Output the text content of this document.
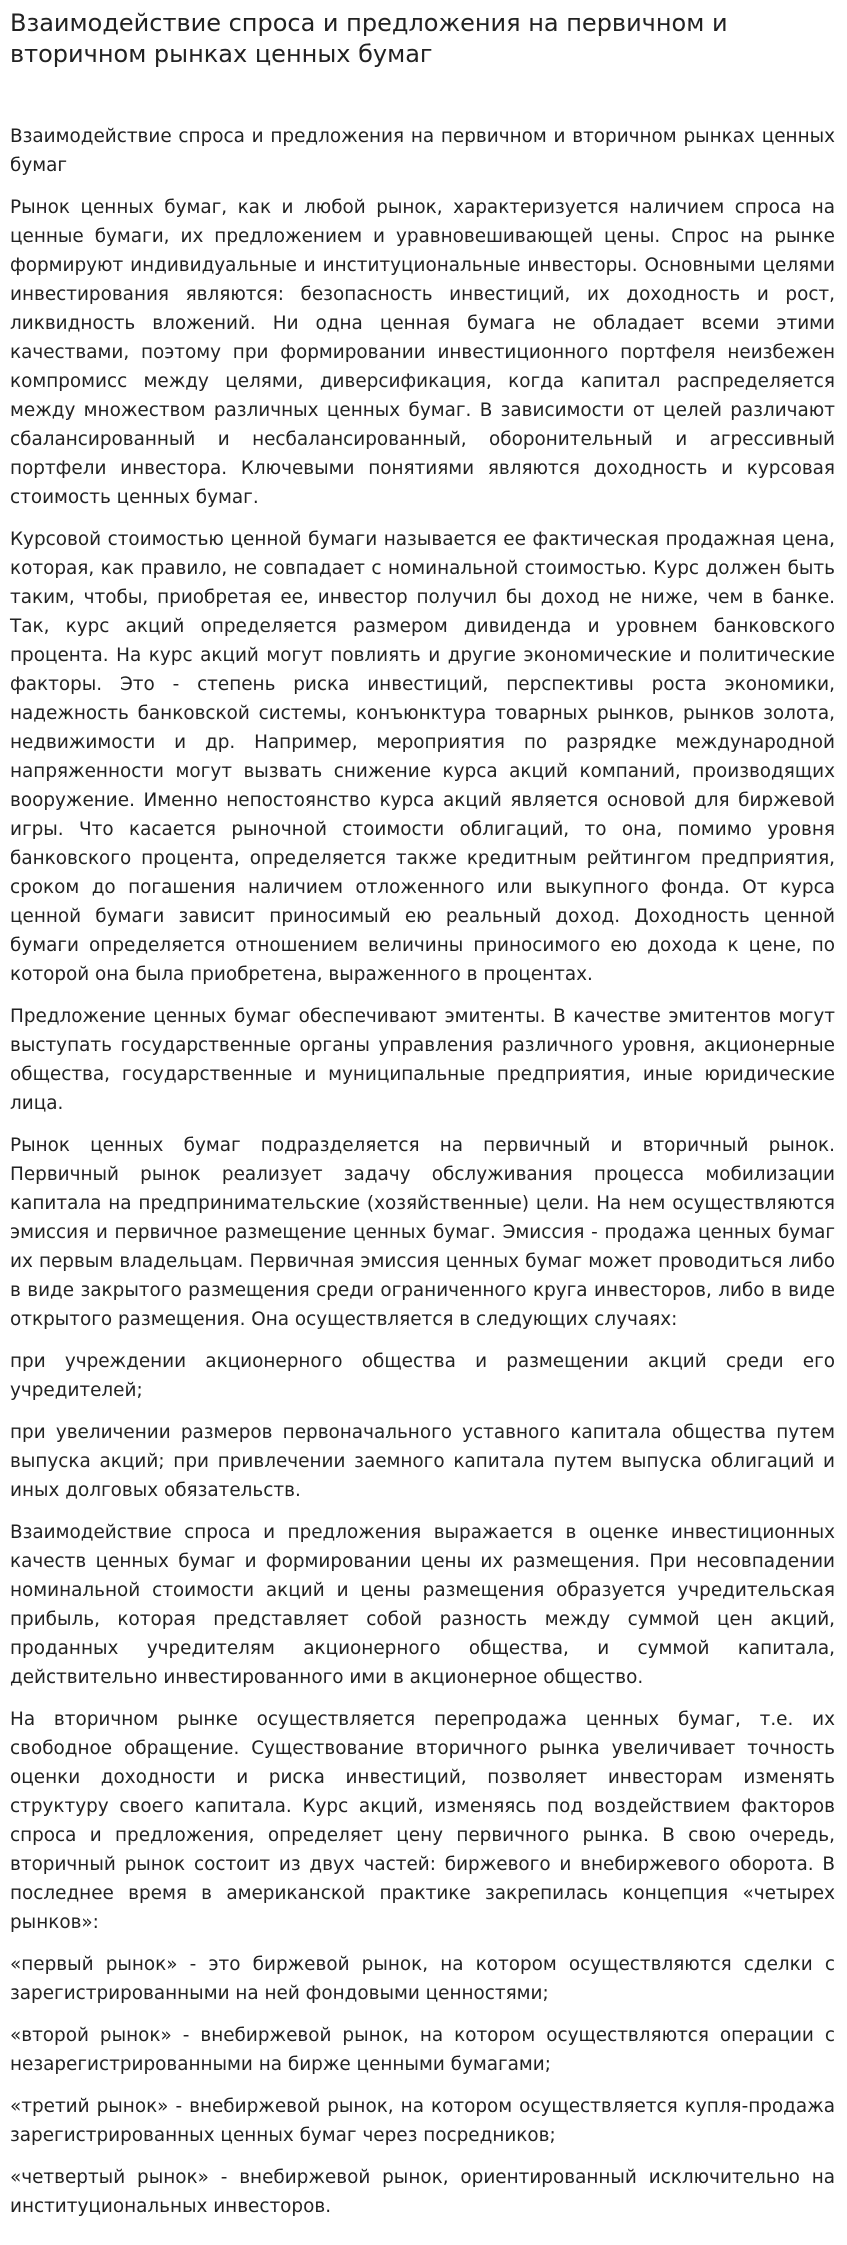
Взаимодействие спроса и предложения на первичном и вторичном рынках ценных бумаг

Взаимодействие спроса и предложения на первичном и вторичном рынках ценных бумаг

Рынок ценных бумаг, как и любой рынок, характеризуется наличием спроса на ценные бумаги, их предложением и уравновешивающей цены. Спрос на рынке формируют индивидуальные и институциональные инвесторы. Основными целями инвестирования являются: безопасность инвестиций, их доходность и рост, ликвидность вложений. Ни одна ценная бумага не обладает всеми этими качествами, поэтому при формировании инвестиционного портфеля неизбежен компромисс между целями, диверсификация, когда капитал распределяется между множеством различных ценных бумаг. В зависимости от целей различают сбалансированный и несбалансированный, оборонительный и агрессивный портфели инвестора. Ключевыми понятиями являются доходность и курсовая стоимость ценных бумаг.

Курсовой стоимостью ценной бумаги называется ее фактическая продажная цена, которая, как правило, не совпадает с номинальной стоимостью. Курс должен быть таким, чтобы, приобретая ее, инвестор получил бы доход не ниже, чем в банке. Так, курс акций определяется размером дивиденда и уровнем банковского процента. На курс акций могут повлиять и другие экономические и политические факторы. Это - степень риска инвестиций, перспективы роста экономики, надежность банковской системы, конъюнктура товарных рынков, рынков золота, недвижимости и др. Например, мероприятия по разрядке международной напряженности могут вызвать снижение курса акций компаний, производящих вооружение. Именно непостоянство курса акций является основой для биржевой игры. Что касается рыночной стоимости облигаций, то она, помимо уровня банковского процента, определяется также кредитным рейтингом предприятия, сроком до погашения наличием отложенного или выкупного фонда. От курса ценной бумаги зависит приносимый ею реальный доход. Доходность ценной бумаги определяется отношением величины приносимого ею дохода к цене, по которой она была приобретена, выраженного в процентах.

Предложение ценных бумаг обеспечивают эмитенты. В качестве эмитентов могут выступать государственные органы управления различного уровня, акционерные общества, государственные и муниципальные предприятия, иные юридические лица.

Рынок ценных бумаг подразделяется на первичный и вторичный рынок. Первичный рынок реализует задачу обслуживания процесса мобилизации капитала на предпринимательские (хозяйственные) цели. На нем осуществляются эмиссия и первичное размещение ценных бумаг. Эмиссия - продажа ценных бумаг их первым владельцам. Первичная эмиссия ценных бумаг может проводиться либо в виде закрытого размещения среди ограниченного круга инвесторов, либо в виде открытого размещения. Она осуществляется в следующих случаях:

при учреждении акционерного общества и размещении акций среди его учредителей;

при увеличении размеров первоначального уставного капитала общества путем выпуска акций; при привлечении заемного капитала путем выпуска облигаций и иных долговых обязательств.

Взаимодействие спроса и предложения выражается в оценке инвестиционных качеств ценных бумаг и формировании цены их размещения. При несовпадении номинальной стоимости акций и цены размещения образуется учредительская прибыль, которая представляет собой разность между суммой цен акций, проданных учредителям акционерного общества, и суммой капитала, действительно инвестированного ими в акционерное общество.

На вторичном рынке осуществляется перепродажа ценных бумаг, т.е. их свободное обращение. Существование вторичного рынка увеличивает точность оценки доходности и риска инвестиций, позволяет инвесторам изменять структуру своего капитала. Курс акций, изменяясь под воздействием факторов спроса и предложения, определяет цену первичного рынка. В свою очередь, вторичный рынок состоит из двух частей: биржевого и внебиржевого оборота. В последнее время в американской практике закрепилась концепция «четырех рынков»:

«первый рынок» - это биржевой рынок, на котором осуществляются сделки с зарегистрированными на ней фондовыми ценностями;

«второй рынок» - внебиржевой рынок, на котором осуществляются операции с незарегистрированными на бирже ценными бумагами;

«третий рынок» - внебиржевой рынок, на котором осуществляется купля-продажа зарегистрированных ценных бумаг через посредников;

«четвертый рынок» - внебиржевой рынок, ориентированный исключительно на институциональных инвесторов.
